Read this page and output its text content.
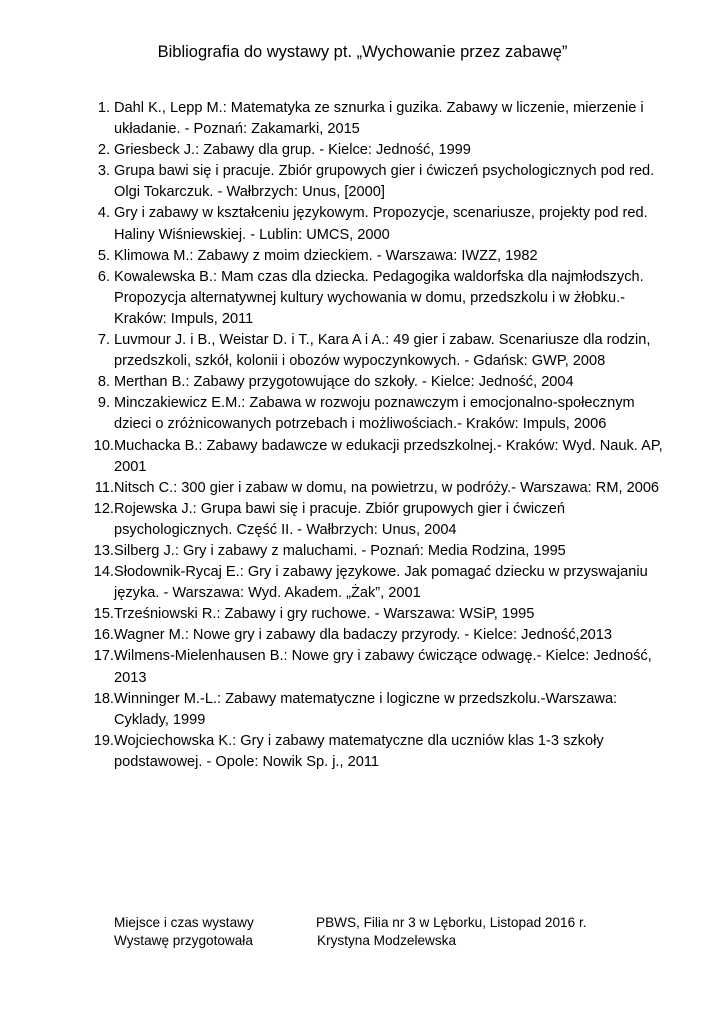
Bibliografia do wystawy pt. „Wychowanie przez zabawę”
1. Dahl K., Lepp M.: Matematyka ze sznurka i guzika. Zabawy w liczenie, mierzenie i układanie. - Poznań: Zakamarki, 2015
2. Griesbeck J.: Zabawy dla grup. - Kielce: Jedność, 1999
3. Grupa bawi się i pracuje. Zbiór grupowych gier i ćwiczeń psychologicznych pod red. Olgi Tokarczuk. - Wałbrzych: Unus, [2000]
4. Gry i zabawy w kształceniu językowym. Propozycje, scenariusze, projekty pod red. Haliny Wiśniewskiej. - Lublin: UMCS, 2000
5. Klimowa M.: Zabawy z moim dzieckiem. - Warszawa: IWZZ, 1982
6. Kowalewska B.: Mam czas dla dziecka. Pedagogika waldorfska dla najmłodszych. Propozycja alternatywnej kultury wychowania w domu, przedszkolu i w żłobku.- Kraków: Impuls, 2011
7. Luvmour J. i B., Weistar D. i T., Kara A i A.: 49 gier i zabaw. Scenariusze dla rodzin, przedszkoli, szkół, kolonii i obozów wypoczynkowych. - Gdańsk: GWP, 2008
8. Merthan B.: Zabawy przygotowujące do szkoły. - Kielce: Jedność, 2004
9. Minczakiewicz E.M.: Zabawa w rozwoju poznawczym i emocjonalno-społecznym dzieci o zróżnicowanych potrzebach i możliwościach.- Kraków: Impuls, 2006
10. Muchacka B.: Zabawy badawcze w edukacji przedszkolnej.- Kraków: Wyd. Nauk. AP, 2001
11. Nitsch C.: 300 gier i zabaw w domu, na powietrzu, w podróży.- Warszawa: RM, 2006
12. Rojewska J.: Grupa bawi się i pracuje. Zbiór grupowych gier i ćwiczeń psychologicznych. Część II. - Wałbrzych: Unus, 2004
13. Silberg J.: Gry i zabawy z maluchami. - Poznań: Media Rodzina, 1995
14. Słodownik-Rycaj E.: Gry i zabawy językowe. Jak pomagać dziecku w przyswajaniu języka. - Warszawa: Wyd. Akadem. „Żak”, 2001
15. Trześniowski R.: Zabawy i gry ruchowe. - Warszawa: WSiP, 1995
16. Wagner M.: Nowe gry i zabawy dla badaczy przyrody. - Kielce: Jedność,2013
17. Wilmens-Mielenhausen B.: Nowe gry i zabawy ćwiczące odwagę.- Kielce: Jedność, 2013
18. Winninger M.-L.: Zabawy matematyczne i logiczne w przedszkolu.-Warszawa: Cyklady, 1999
19. Wojciechowska K.: Gry i zabawy matematyczne dla uczniów klas 1-3 szkoły podstawowej. - Opole: Nowik Sp. j., 2011
Miejsce i czas wystawy	PBWS, Filia nr 3 w Lęborku, Listopad 2016 r.
Wystawę przygotowała	Krystyna Modzelewska
